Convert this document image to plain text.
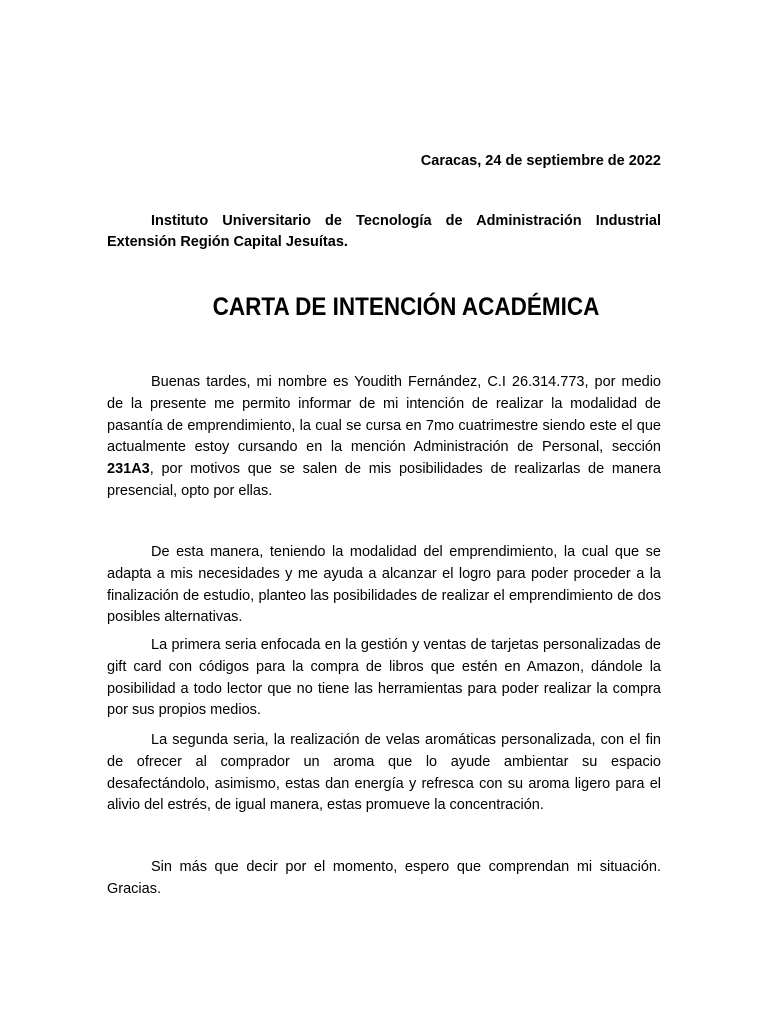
Caracas, 24 de septiembre de 2022
Instituto Universitario de Tecnología de Administración Industrial Extensión Región Capital Jesuítas.
CARTA DE INTENCIÓN ACADÉMICA

Buenas tardes, mi nombre es Youdith Fernández, C.I 26.314.773, por medio de la presente me permito informar de mi intención de realizar la modalidad de pasantía de emprendimiento, la cual se cursa en 7mo cuatrimestre siendo este el que actualmente estoy cursando en la mención Administración de Personal, sección 231A3, por motivos que se salen de mis posibilidades de realizarlas de manera presencial, opto por ellas.

De esta manera, teniendo la modalidad del emprendimiento, la cual que se adapta a mis necesidades y me ayuda a alcanzar el logro para poder proceder a la finalización de estudio, planteo las posibilidades de realizar el emprendimiento de dos posibles alternativas.

La primera seria enfocada en la gestión y ventas de tarjetas personalizadas de gift card con códigos para la compra de libros que estén en Amazon, dándole la posibilidad a todo lector que no tiene las herramientas para poder realizar la compra por sus propios medios.

La segunda seria, la realización de velas aromáticas personalizada, con el fin de ofrecer al comprador un aroma que lo ayude ambientar su espacio desafectándolo, asimismo, estas dan energía y refresca con su aroma ligero para el alivio del estrés, de igual manera, estas promueve la concentración.

Sin más que decir por el momento, espero que comprendan mi situación. Gracias.
